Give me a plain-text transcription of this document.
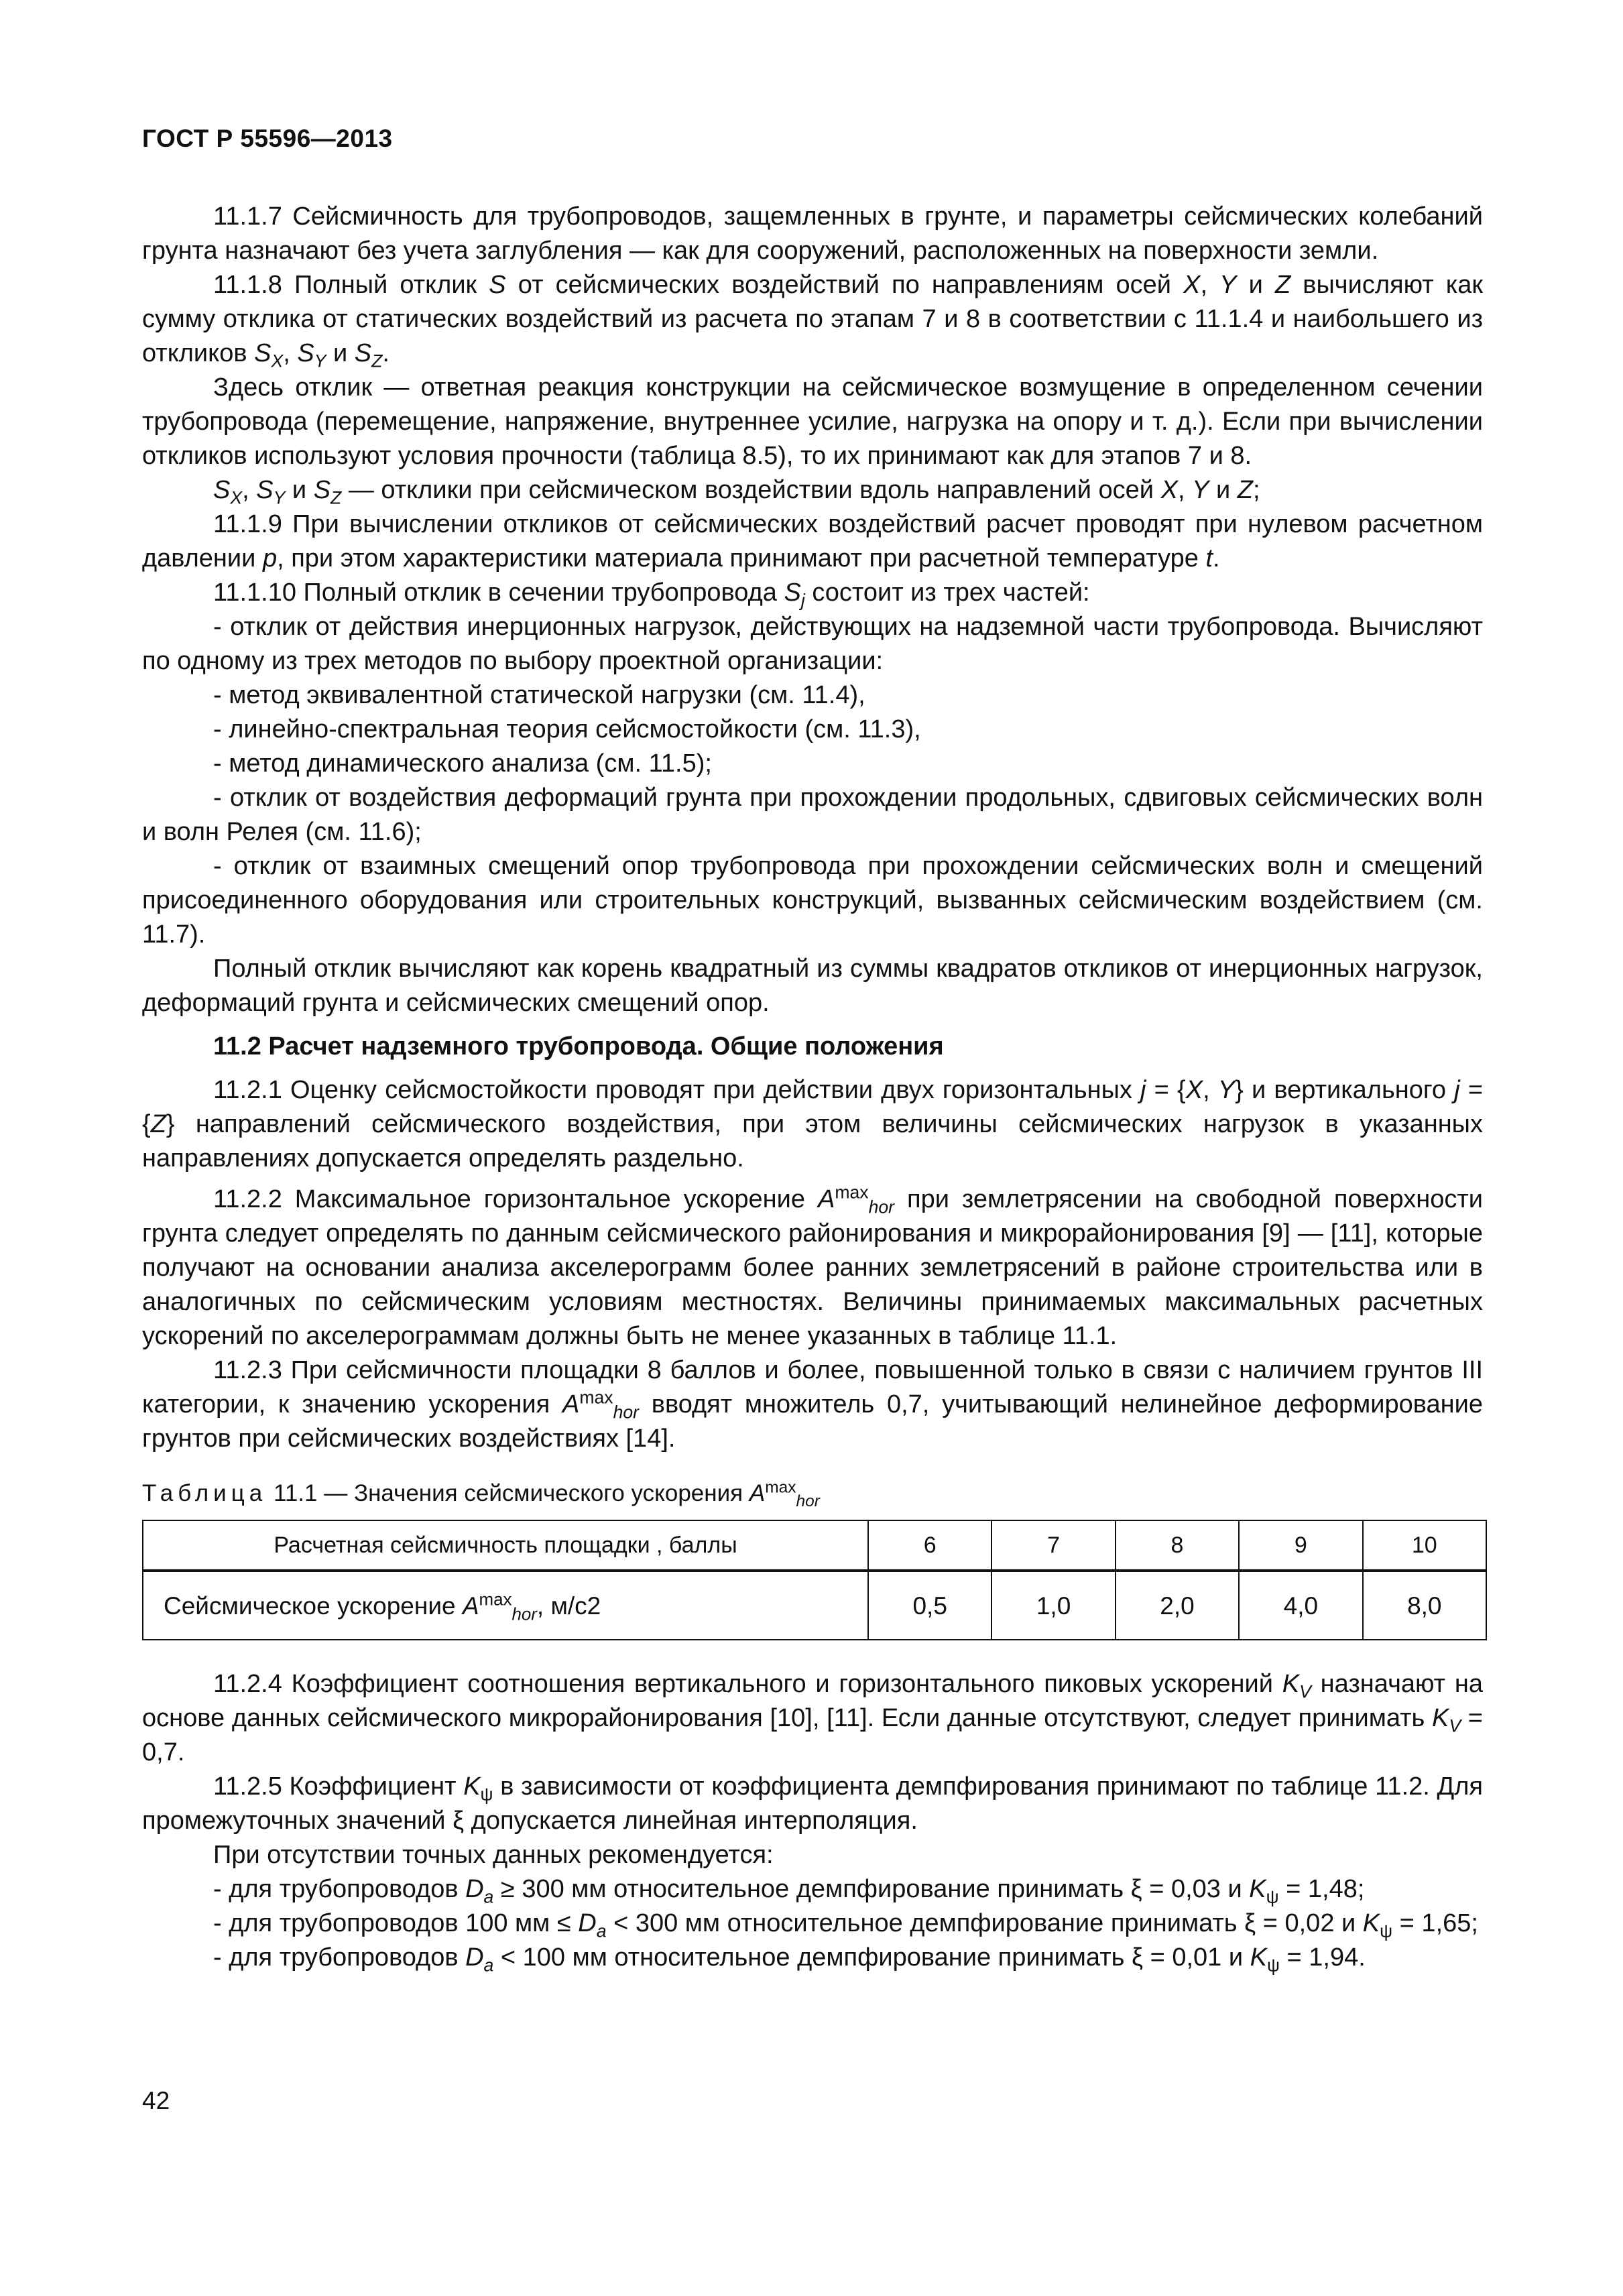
ГОСТ Р 55596—2013

11.1.7 Сейсмичность для трубопроводов, защемленных в грунте, и параметры сейсмических колебаний грунта назначают без учета заглубления — как для сооружений, расположенных на поверхности земли.

11.1.8 Полный отклик S от сейсмических воздействий по направлениям осей X, Y и Z вычисляют как сумму отклика от статических воздействий из расчета по этапам 7 и 8 в соответствии с 11.1.4 и наибольшего из откликов $S_X$, $S_Y$ и $S_Z$.

Здесь отклик — ответная реакция конструкции на сейсмическое возмущение в определенном сечении трубопровода (перемещение, напряжение, внутреннее усилие, нагрузка на опору и т. д.). Если при вычислении откликов используют условия прочности (таблица 8.5), то их принимают как для этапов 7 и 8.

$S_X$, $S_Y$ и $S_Z$ — отклики при сейсмическом воздействии вдоль направлений осей X, Y и Z;

11.1.9 При вычислении откликов от сейсмических воздействий расчет проводят при нулевом расчетном давлении p, при этом характеристики материала принимают при расчетной температуре t.

11.1.10 Полный отклик в сечении трубопровода $S_j$ состоит из трех частей:

- отклик от действия инерционных нагрузок, действующих на надземной части трубопровода. Вычисляют по одному из трех методов по выбору проектной организации:

- метод эквивалентной статической нагрузки (см. 11.4),

- линейно-спектральная теория сейсмостойкости (см. 11.3),

- метод динамического анализа (см. 11.5);

- отклик от воздействия деформаций грунта при прохождении продольных, сдвиговых сейсмических волн и волн Релея (см. 11.6);

- отклик от взаимных смещений опор трубопровода при прохождении сейсмических волн и смещений присоединенного оборудования или строительных конструкций, вызванных сейсмическим воздействием (см. 11.7).

Полный отклик вычисляют как корень квадратный из суммы квадратов откликов от инерционных нагрузок, деформаций грунта и сейсмических смещений опор.

11.2 Расчет надземного трубопровода. Общие положения

11.2.1 Оценку сейсмостойкости проводят при действии двух горизонтальных j = {X, Y} и вертикального j = {Z} направлений сейсмического воздействия, при этом величины сейсмических нагрузок в указанных направлениях допускается определять раздельно.

11.2.2 Максимальное горизонтальное ускорение $A^{max}_{hor}$ при землетрясении на свободной поверхности грунта следует определять по данным сейсмического районирования и микрорайонирования [9] — [11], которые получают на основании анализа акселерограмм более ранних землетрясений в районе строительства или в аналогичных по сейсмическим условиям местностях. Величины принимаемых максимальных расчетных ускорений по акселерограммам должны быть не менее указанных в таблице 11.1.

11.2.3 При сейсмичности площадки 8 баллов и более, повышенной только в связи с наличием грунтов III категории, к значению ускорения $A^{max}_{hor}$ вводят множитель 0,7, учитывающий нелинейное деформирование грунтов при сейсмических воздействиях [14].

Таблица 11.1 — Значения сейсмического ускорения $A^{max}_{hor}$

Расчетная сейсмичность площадки , баллы	6	7	8	9	10
Сейсмическое ускорение $A^{max}_{hor}$, м/с2	0,5	1,0	2,0	4,0	8,0

11.2.4 Коэффициент соотношения вертикального и горизонтального пиковых ускорений $K_V$ назначают на основе данных сейсмического микрорайонирования [10], [11]. Если данные отсутствуют, следует принимать $K_V = 0,7$.

11.2.5 Коэффициент $K_\psi$ в зависимости от коэффициента демпфирования принимают по таблице 11.2. Для промежуточных значений ξ допускается линейная интерполяция.

При отсутствии точных данных рекомендуется:

- для трубопроводов $D_a \ge 300$ мм относительное демпфирование принимать ξ = 0,03 и $K_\psi = 1,48$;

- для трубопроводов 100 мм ≤ $D_a < 300$ мм относительное демпфирование принимать ξ = 0,02 и $K_\psi = 1,65$;

- для трубопроводов $D_a < 100$ мм относительное демпфирование принимать ξ = 0,01 и $K_\psi = 1,94$.

42
